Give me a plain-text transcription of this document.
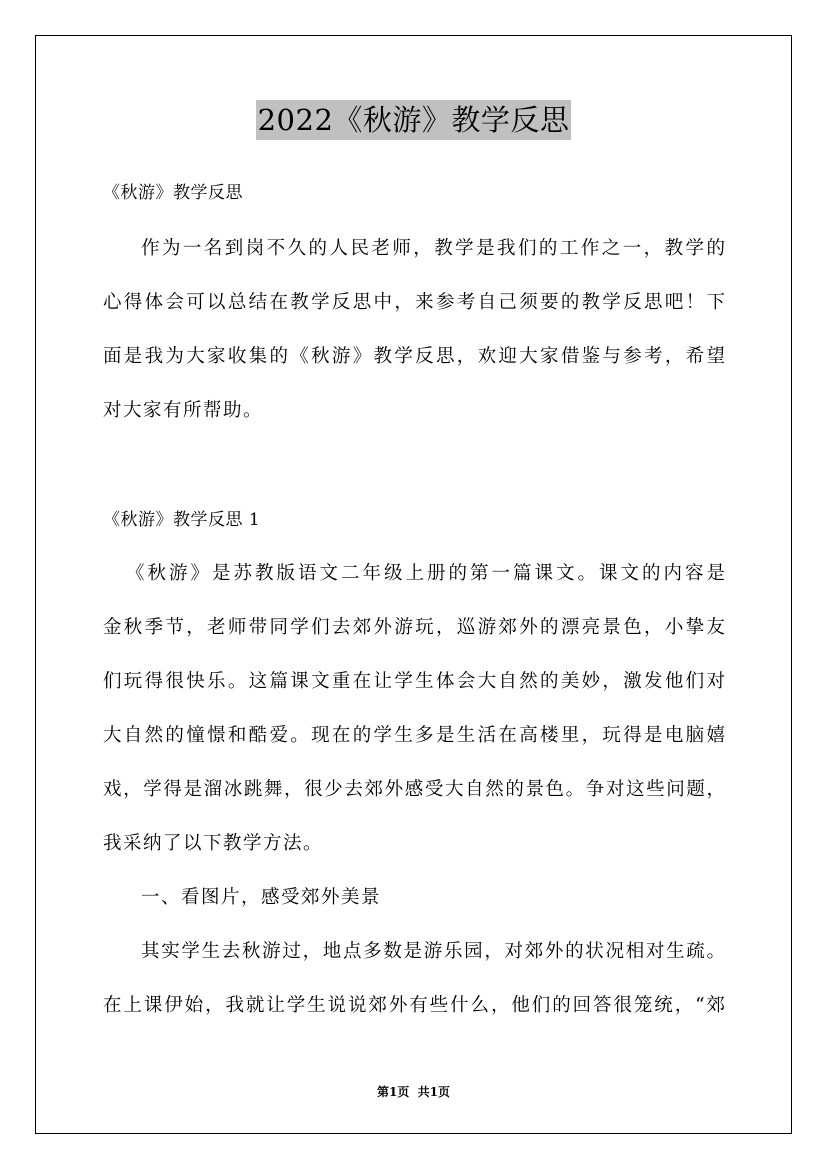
2022《秋游》教学反思
《秋游》教学反思
作为一名到岗不久的人民老师，教学是我们的工作之一，教学的
心得体会可以总结在教学反思中，来参考自己须要的教学反思吧！下
面是我为大家收集的《秋游》教学反思，欢迎大家借鉴与参考，希望
对大家有所帮助。
《秋游》教学反思 1
《秋游》是苏教版语文二年级上册的第一篇课文。课文的内容是
金秋季节，老师带同学们去郊外游玩，巡游郊外的漂亮景色，小挚友
们玩得很快乐。这篇课文重在让学生体会大自然的美妙，激发他们对
大自然的憧憬和酷爱。现在的学生多是生活在高楼里，玩得是电脑嬉
戏，学得是溜冰跳舞，很少去郊外感受大自然的景色。争对这些问题，
我采纳了以下教学方法。
一、看图片，感受郊外美景
其实学生去秋游过，地点多数是游乐园，对郊外的状况相对生疏。
在上课伊始，我就让学生说说郊外有些什么，他们的回答很笼统，“郊
第1页  共1页
